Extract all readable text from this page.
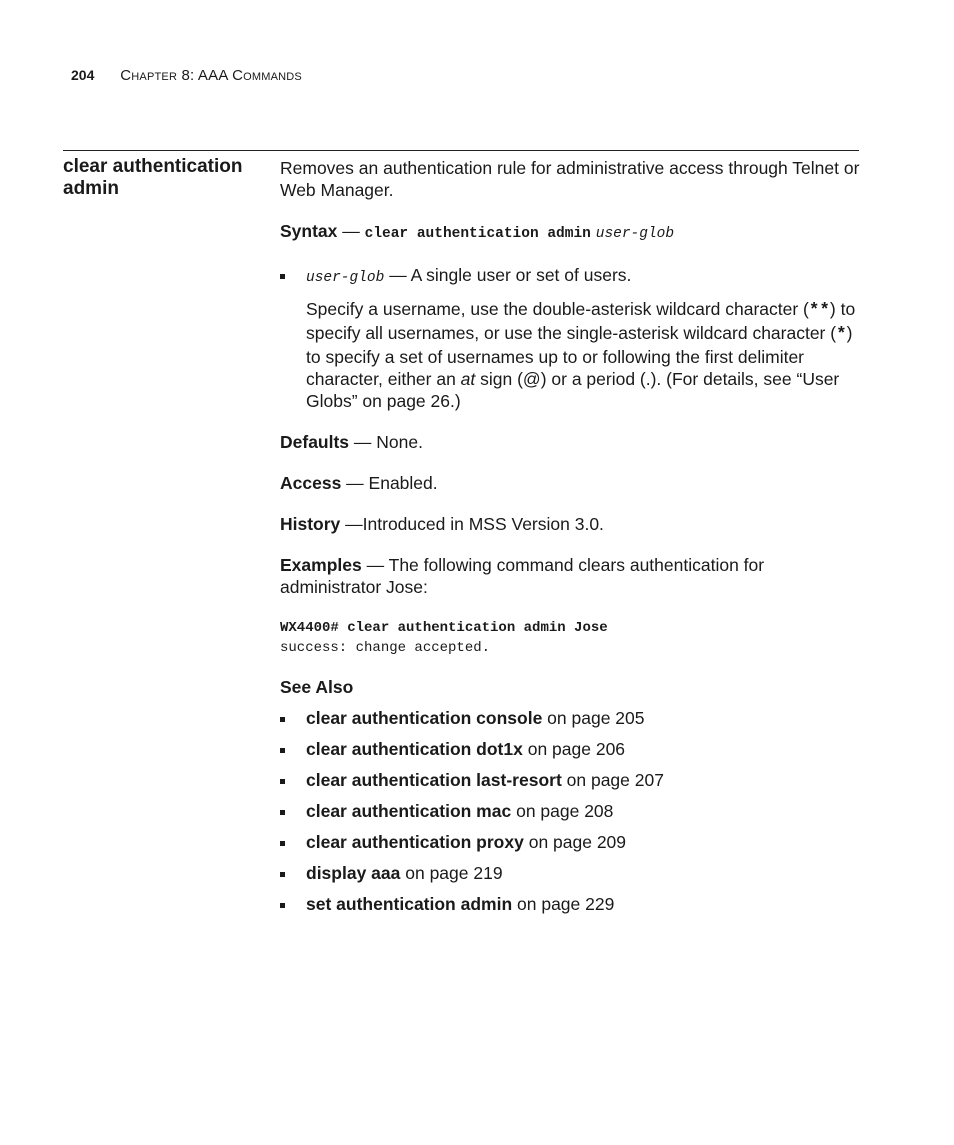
204 Chapter 8: AAA Commands
clear authentication admin

Removes an authentication rule for administrative access through Telnet or Web Manager.

Syntax — clear authentication admin user-glob

user-glob — A single user or set of users.

Specify a username, use the double-asterisk wildcard character (**) to specify all usernames, or use the single-asterisk wildcard character (*) to specify a set of usernames up to or following the first delimiter character, either an at sign (@) or a period (.). (For details, see “User Globs” on page 26.)

Defaults — None.

Access — Enabled.

History —Introduced in MSS Version 3.0.

Examples — The following command clears authentication for administrator Jose:

WX4400# clear authentication admin Jose
success: change accepted.

See Also

clear authentication console on page 205
clear authentication dot1x on page 206
clear authentication last-resort on page 207
clear authentication mac on page 208
clear authentication proxy on page 209
display aaa on page 219
set authentication admin on page 229
